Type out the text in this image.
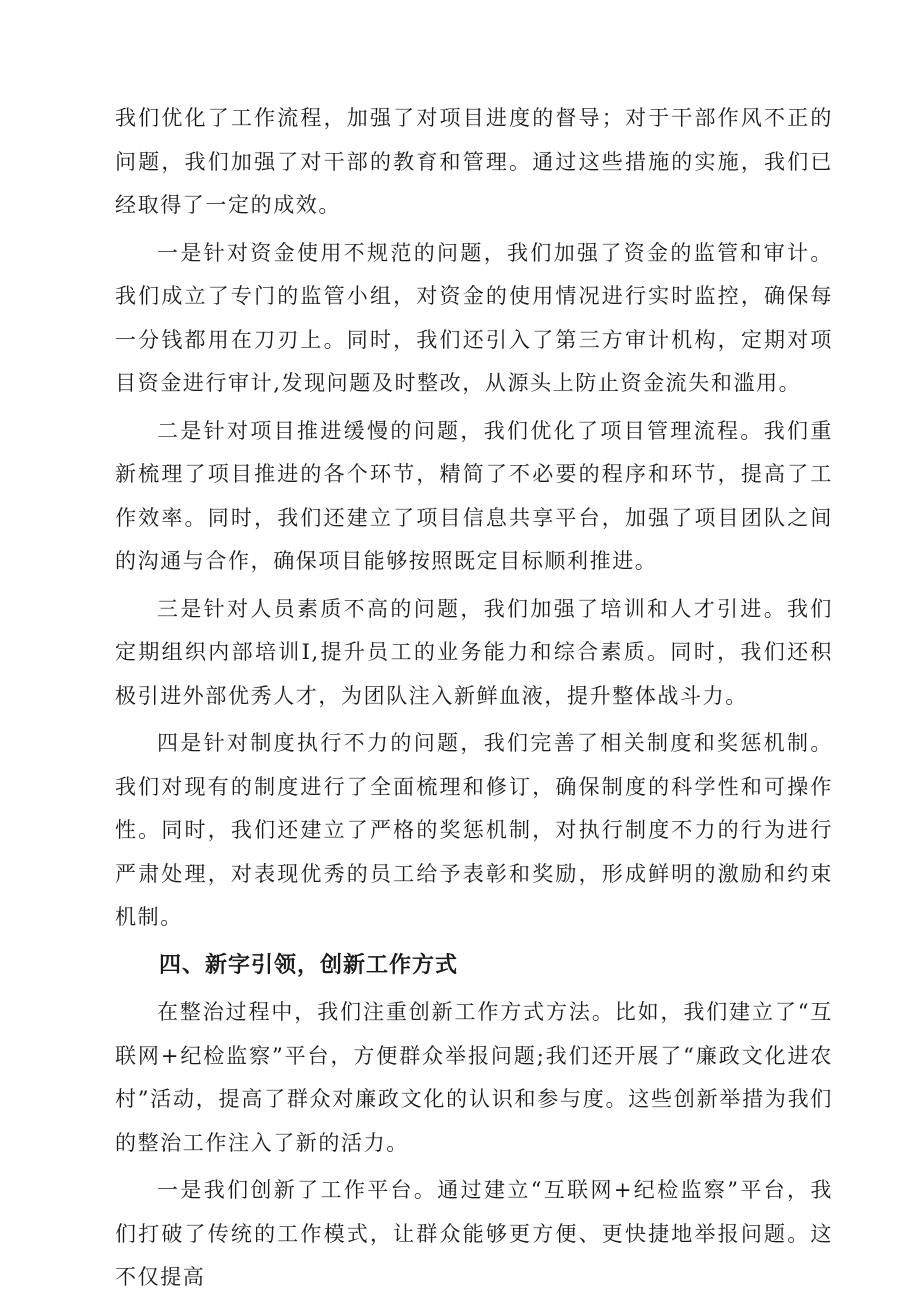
我们优化了工作流程，加强了对项目进度的督导；对于干部作风不正的问题，我们加强了对干部的教育和管理。通过这些措施的实施，我们已经取得了一定的成效。

一是针对资金使用不规范的问题，我们加强了资金的监管和审计。我们成立了专门的监管小组，对资金的使用情况进行实时监控，确保每一分钱都用在刀刃上。同时，我们还引入了第三方审计机构，定期对项目资金进行审计,发现问题及时整改，从源头上防止资金流失和滥用。

二是针对项目推进缓慢的问题，我们优化了项目管理流程。我们重新梳理了项目推进的各个环节，精简了不必要的程序和环节，提高了工作效率。同时，我们还建立了项目信息共享平台，加强了项目团队之间的沟通与合作，确保项目能够按照既定目标顺利推进。

三是针对人员素质不高的问题，我们加强了培训和人才引进。我们定期组织内部培训I,提升员工的业务能力和综合素质。同时，我们还积极引进外部优秀人才，为团队注入新鲜血液，提升整体战斗力。

四是针对制度执行不力的问题，我们完善了相关制度和奖惩机制。我们对现有的制度进行了全面梳理和修订，确保制度的科学性和可操作性。同时，我们还建立了严格的奖惩机制，对执行制度不力的行为进行严肃处理，对表现优秀的员工给予表彰和奖励，形成鲜明的激励和约束机制。

四、新字引领，创新工作方式

在整治过程中，我们注重创新工作方式方法。比如，我们建立了“互联网+纪检监察”平台，方便群众举报问题;我们还开展了“廉政文化进农村”活动，提高了群众对廉政文化的认识和参与度。这些创新举措为我们的整治工作注入了新的活力。

一是我们创新了工作平台。通过建立“互联网+纪检监察”平台，我们打破了传统的工作模式，让群众能够更方便、更快捷地举报问题。这不仅提高
